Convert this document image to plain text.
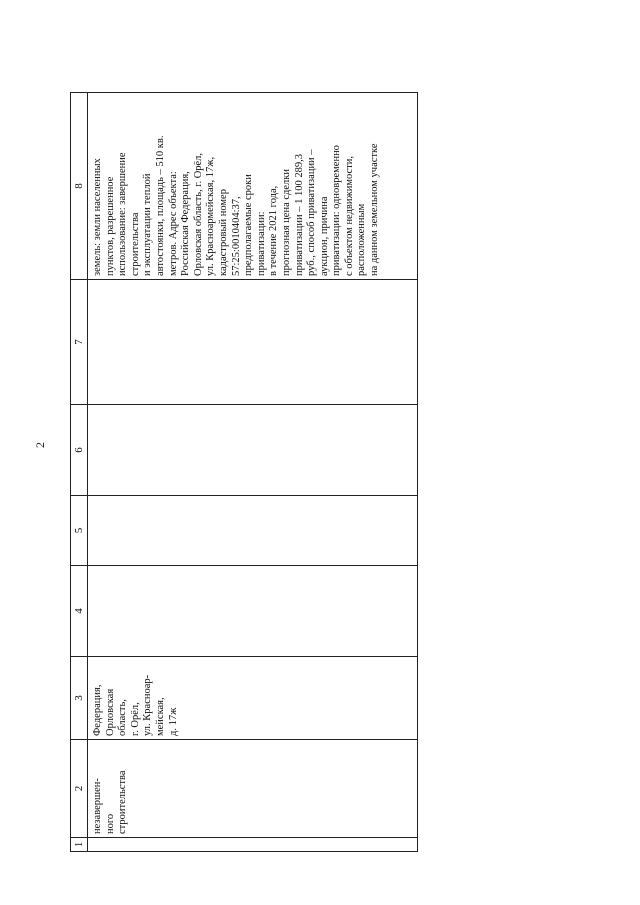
2
1
2
3
4
5
6
7
8
незавершен-
ного
строительства
Федерация,
Орловская
область,
г. Орёл,
ул. Краснoар-
мейская,
д. 17ж
земель: земли населенных
пунктов, разрешенное
использование: завершение
строительства
и эксплуатации теплой
автостоянки, площадь – 510 кв.
метров. Адрес объекта:
Российская Федерация,
Орловская область, г. Орёл,
ул. Красноармейская, 17ж,
кадастровый номер
57:25:0010404:37,
предполагаемые сроки
приватизации:
в течение 2021 года,
прогнозная цена сделки
приватизации – 1 100 289,3
руб., способ приватизации –
аукцион, причина
приватизации: одновременно
с объектом недвижимости,
расположенным
на данном земельном участке
